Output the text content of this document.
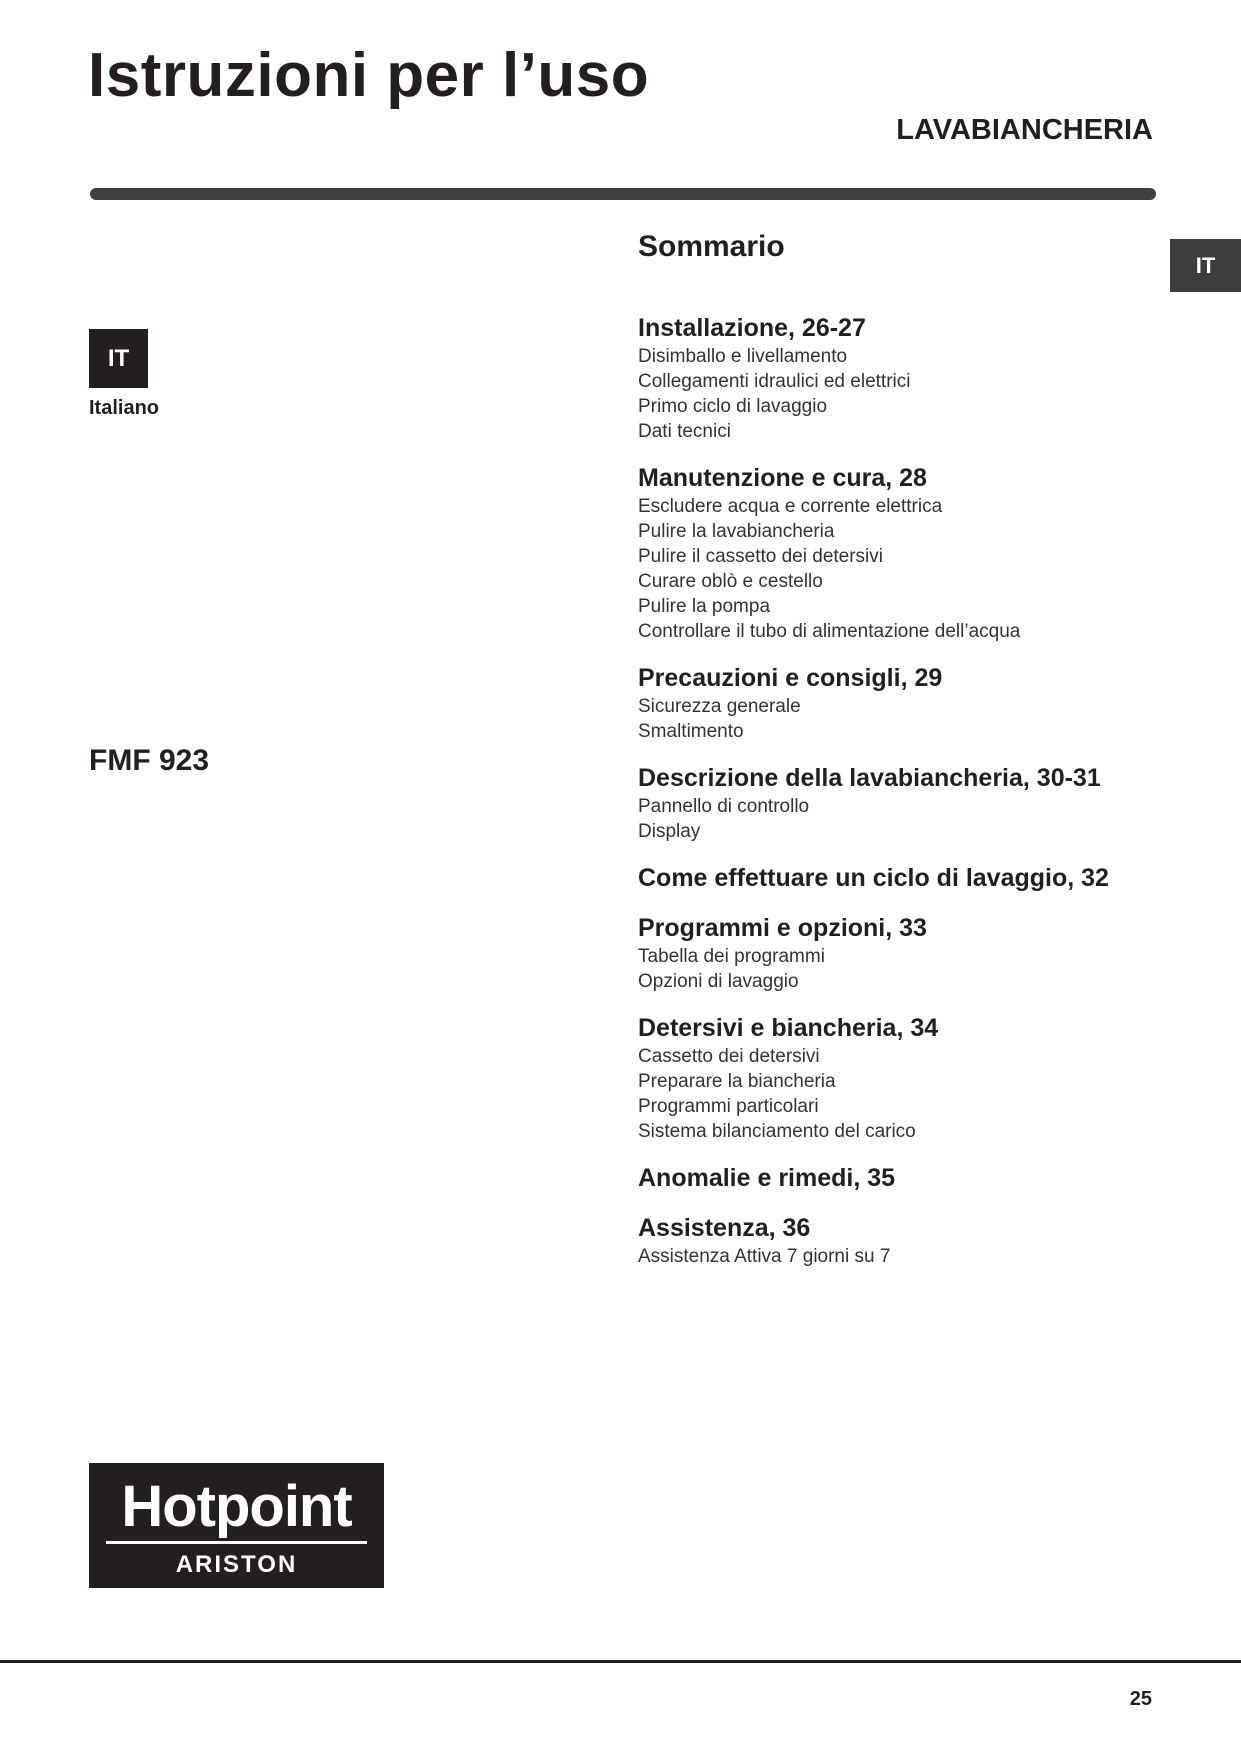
Istruzioni per l’uso
LAVABIANCHERIA
IT
IT
Italiano
FMF 923
Sommario
Installazione, 26-27
Disimballo e livellamento
Collegamenti idraulici ed elettrici
Primo ciclo di lavaggio
Dati tecnici
Manutenzione e cura, 28
Escludere acqua e corrente elettrica
Pulire la lavabiancheria
Pulire il cassetto dei detersivi
Curare oblò e cestello
Pulire la pompa
Controllare il tubo di alimentazione dell’acqua
Precauzioni e consigli, 29
Sicurezza generale
Smaltimento
Descrizione della lavabiancheria, 30-31
Pannello di controllo
Display
Come effettuare un ciclo di lavaggio, 32
Programmi e opzioni, 33
Tabella dei programmi
Opzioni di lavaggio
Detersivi e biancheria, 34
Cassetto dei detersivi
Preparare la biancheria
Programmi particolari
Sistema bilanciamento del carico
Anomalie e rimedi, 35
Assistenza, 36
Assistenza Attiva 7 giorni su 7
Hotpoint
ARISTON
25
